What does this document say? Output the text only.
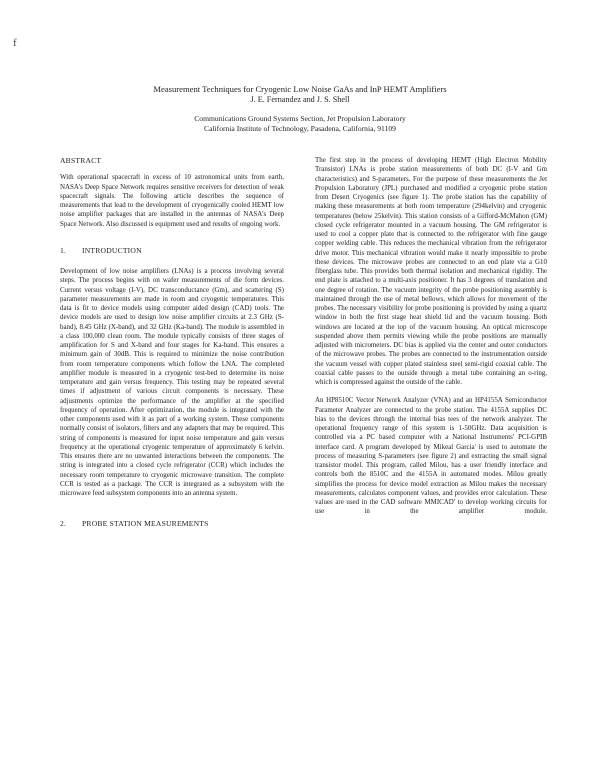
f
Measurement Techniques for Cryogenic Low Noise GaAs and InP HEMT Amplifiers
J. E. Fernandez and J. S. Shell
Communications Ground Systems Section, Jet Propulsion Laboratory
California Institute of Technology, Pasadena, California, 91109
ABSTRACT

With operational spacecraft in excess of 10 astronomical units from earth, NASA's Deep Space Network requires sensitive receivers for detection of weak spacecraft signals. The following article describes the sequence of measurements that lead to the development of cryogenically cooled HEMT low noise amplifier packages that are installed in the antennas of NASA's Deep Space Network. Also discussed is equipment used and results of ongoing work.

1. INTRODUCTION

Development of low noise amplifiers (LNAs) is a process involving several steps. The process begins with on wafer measurements of die form devices. Current versus voltage (I-V), DC transconductance (Gm), and scattering (S) parameter measurements are made in room and cryogenic temperatures. This data is fit to device models using computer aided design (CAD) tools. The device models are used to design low noise amplifier circuits at 2.3 GHz (S-band), 8.45 GHz (X-band), and 32 GHz (Ka-band). The module is assembled in a class 100,000 clean room. The module typically consists of three stages of amplification for S and X-band and four stages for Ka-band. This ensures a minimum gain of 30dB. This is required to minimize the noise contribution from room temperature components which follow the LNA. The completed amplifier module is measured in a cryogenic test-bed to determine its noise temperature and gain versus frequency. This testing may be repeated several times if adjustment of various circuit components is necessary. These adjustments optimize the performance of the amplifier at the specified frequency of operation. After optimization, the module is integrated with the other components used with it as part of a working system. These components normally consist of isolators, filters and any adapters that may be required. This string of components is measured for input noise temperature and gain versus frequency at the operational cryogenic temperature of approximately 6 kelvin. This ensures there are no unwanted interactions between the components. The string is integrated into a closed cycle refrigerator (CCR) which includes the necessary room temperature to cryogenic microwave transition. The complete CCR is tested as a package. The CCR is integrated as a subsystem with the microwave feed subsystem components into an antenna system.

2. PROBE STATION MEASUREMENTS

The first step in the process of developing HEMT (High Electron Mobility Transistor) LNAs is probe station measurements of both DC (I-V and Gm characteristics) and S-parameters. For the purpose of these measurements the Jet Propulsion Laboratory (JPL) purchased and modified a cryogenic probe station from Desert Cryogenics (see figure 1). The probe station has the capability of making these measurements at both room temperature (294kelvin) and cryogenic temperatures (below 25kelvin). This station consists of a Gifford-McMahon (GM) closed cycle refrigerator mounted in a vacuum housing. The GM refrigerator is used to cool a copper plate that is connected to the refrigerator with fine gauge copper welding cable. This reduces the mechanical vibration from the refrigerator drive motor. This mechanical vibration would make it nearly impossible to probe these devices. The microwave probes are connected to an end plate via a G10 fiberglass tube. This provides both thermal isolation and mechanical rigidity. The end plate is attached to a multi-axis positioner. It has 3 degrees of translation and one degree of rotation. The vacuum integrity of the probe positioning assembly is maintained through the use of metal bellows, which allows for movement of the probes. The necessary visibility for probe positioning is provided by using a quartz window in both the first stage heat shield lid and the vacuum housing. Both windows are located at the top of the vacuum housing. An optical microscope suspended above them permits viewing while the probe positions are manually adjusted with micrometers. DC bias is applied via the center and outer conductors of the microwave probes. The probes are connected to the instrumentation outside the vacuum vessel with copper plated stainless steel semi-rigid coaxial cable. The coaxial cable passes to the outside through a metal tube containing an o-ring, which is compressed against the outside of the cable.

An HP8510C Vector Network Analyzer (VNA) and an HP4155A Semiconductor Parameter Analyzer are connected to the probe station. The 4155A supplies DC bias to the devices through the internal bias tees of the network analyzer. The operational frequency range of this system is 1-50GHz. Data acquisition is controlled via a PC based computer with a National Instruments' PCI-GPIB interface card. A program developed by Mikeal Garcia' is used to automate the process of measuring S-parameters (see figure 2) and extracting the small signal transistor model. This program, called Milou, has a user friendly interface and controls both the 8510C and the 4155A in automated modes. Milou greatly simplifies the process for device model extraction as Milou makes the necessary measurements, calculates component values, and provides error calculation. These values are used in the CAD software MMICAD' to develop working circuits for use in the amplifier	module.
